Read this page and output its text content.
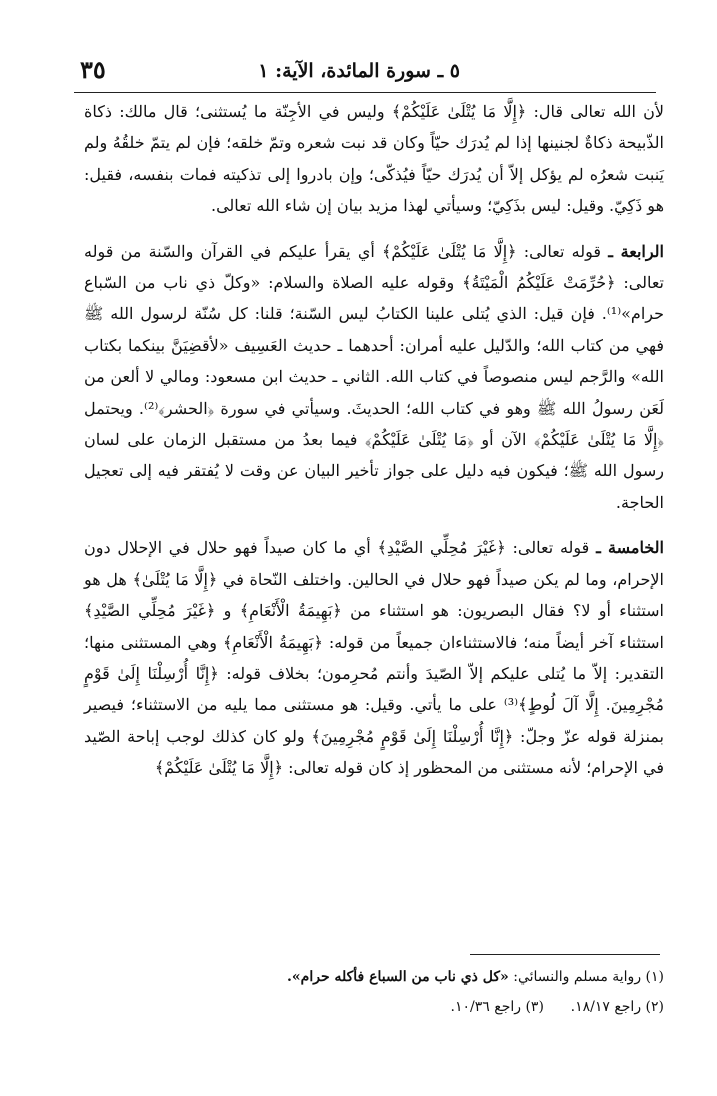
٥ ـ سورة المائدة، الآية: ١
٣٥

لأن الله تعالى قال: ﴿إِلَّا مَا يُتْلَىٰ عَلَيْكُمْ﴾ وليس في الأجِنّة ما يُستثنى؛ قال مالك: ذكاة الذّبيحة ذكاةٌ لجنينها إذا لم يُدرَك حيّاً وكان قد نبت شعره وتمّ خلقه؛ فإن لم يتمّ خلقُهُ ولم يَنبت شعرُه لم يؤكل إلاّ أن يُدرَك حيّاً فيُذكّى؛ وإن بادروا إلى تذكيته فمات بنفسه، فقيل: هو ذَكِيّ. وقيل: ليس بذَكِيّ؛ وسيأتي لهذا مزيد بيان إن شاء الله تعالى.

الرابعة ـ قوله تعالى: ﴿إِلَّا مَا يُتْلَىٰ عَلَيْكُمْ﴾ أي يقرأ عليكم في القرآن والسّنة من قوله تعالى: ﴿حُرِّمَتْ عَلَيْكُمُ الْمَيْتَةُ﴾ وقوله عليه الصلاة والسلام: «وكلّ ذي ناب من السّباع حرام»⁽¹⁾. فإن قيل: الذي يُتلى علينا الكتابُ ليس السّنة؛ قلنا: كل سُنّة لرسول الله ﷺ فهي من كتاب الله؛ والدّليل عليه أمران: أحدهما ـ حديث العَسِيف «لأقضِيَنَّ بينكما بكتاب الله» والرَّجم ليس منصوصاً في كتاب الله. الثاني ـ حديث ابن مسعود: ومالي لا ألعن من لَعَن رسولُ الله ﷺ وهو في كتاب الله؛ الحديثَ. وسيأتي في سورة ﴿الحشر﴾⁽²⁾. ويحتمل ﴿إِلَّا مَا يُتْلَىٰ عَلَيْكُمْ﴾ الآن أو ﴿مَا يُتْلَىٰ عَلَيْكُمْ﴾ فيما بعدُ من مستقبل الزمان على لسان رسول الله ﷺ؛ فيكون فيه دليل على جواز تأخير البيان عن وقت لا يُفتقر فيه إلى تعجيل الحاجة.

الخامسة ـ قوله تعالى: ﴿غَيْرَ مُحِلِّي الصَّيْدِ﴾ أي ما كان صيداً فهو حلال في الإحلال دون الإحرام، وما لم يكن صيداً فهو حلال في الحالين. واختلف النّحاة في ﴿إِلَّا مَا يُتْلَىٰ﴾ هل هو استثناء أو لا؟ فقال البصريون: هو استثناء من ﴿بَهِيمَةُ الْأَنْعَامِ﴾ و ﴿غَيْرَ مُحِلِّي الصَّيْدِ﴾ استثناء آخر أيضاً منه؛ فالاستثناءان جميعاً من قوله: ﴿بَهِيمَةُ الْأَنْعَامِ﴾ وهي المستثنى منها؛ التقدير: إلاّ ما يُتلى عليكم إلاّ الصّيدَ وأنتم مُحرِمون؛ بخلاف قوله: ﴿إِنَّا أُرْسِلْنَا إِلَىٰ قَوْمٍ مُجْرِمِينَ. إِلَّا آلَ لُوطٍ﴾⁽³⁾ على ما يأتي. وقيل: هو مستثنى مما يليه من الاستثناء؛ فيصير بمنزلة قوله عزّ وجلّ: ﴿إِنَّا أُرْسِلْنَا إِلَىٰ قَوْمٍ مُجْرِمِينَ﴾ ولو كان كذلك لوجب إباحة الصّيد في الإحرام؛ لأنه مستثنى من المحظور إذ كان قوله تعالى: ﴿إِلَّا مَا يُتْلَىٰ عَلَيْكُمْ﴾

(١) رواية مسلم والنسائي: «كل ذي ناب من السباع فأكله حرام».

(٢) راجع ١٨/١٧.      (٣) راجع ١٠/٣٦.
